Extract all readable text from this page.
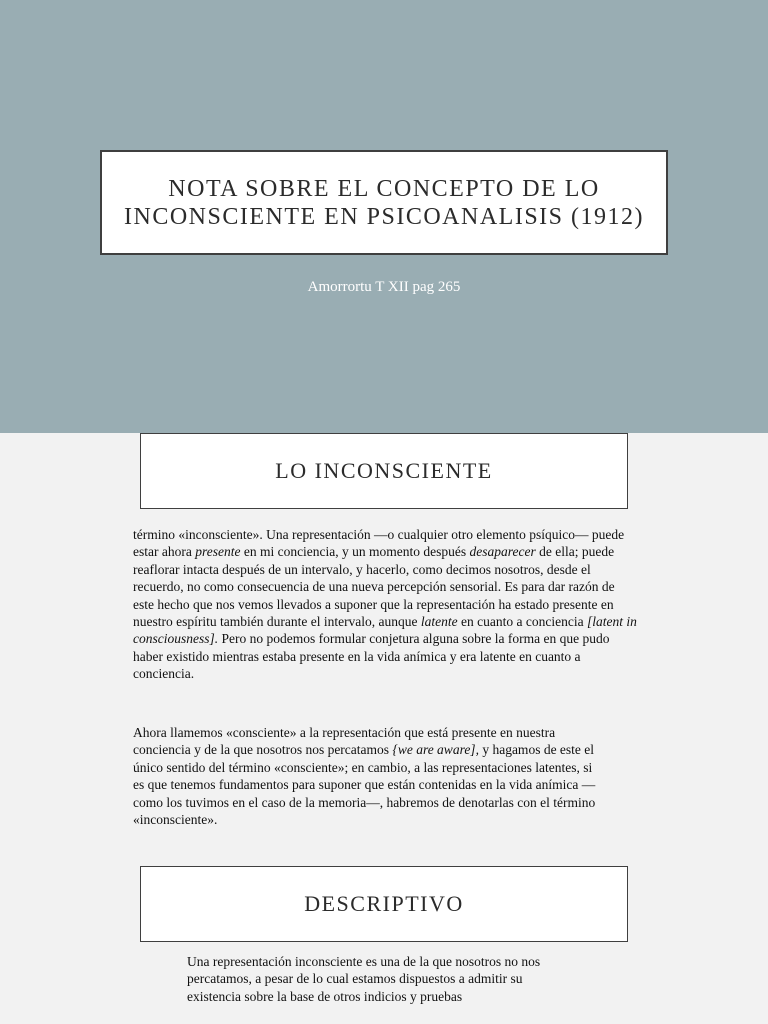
NOTA SOBRE EL CONCEPTO DE LO INCONSCIENTE EN PSICOANALISIS (1912)
Amorrortu T XII pag 265
LO INCONSCIENTE

término «inconsciente». Una representación —o cualquier otro elemento psíquico— puede estar ahora presente en mi conciencia, y un momento después desaparecer de ella; puede reaflorar intacta después de un intervalo, y hacerlo, como decimos nosotros, desde el recuerdo, no como consecuencia de una nueva percepción sensorial. Es para dar razón de este hecho que nos vemos llevados a suponer que la representación ha estado presente en nuestro espíritu también durante el intervalo, aunque latente en cuanto a conciencia [latent in consciousness]. Pero no podemos formular conjetura alguna sobre la forma en que pudo haber existido mientras estaba presente en la vida anímica y era latente en cuanto a conciencia.

Ahora llamemos «consciente» a la representación que está presente en nuestra conciencia y de la que nosotros nos percatamos {we are aware], y hagamos de este el único sentido del término «consciente»; en cambio, a las representaciones latentes, si es que tenemos fundamentos para suponer que están contenidas en la vida anímica —como los tuvimos en el caso de la memoria—, habremos de denotarlas con el término «inconsciente».

DESCRIPTIVO

Una representación inconsciente es una de la que nosotros no nos percatamos, a pesar de lo cual estamos dispuestos a admitir su existencia sobre la base de otros indicios y pruebas
